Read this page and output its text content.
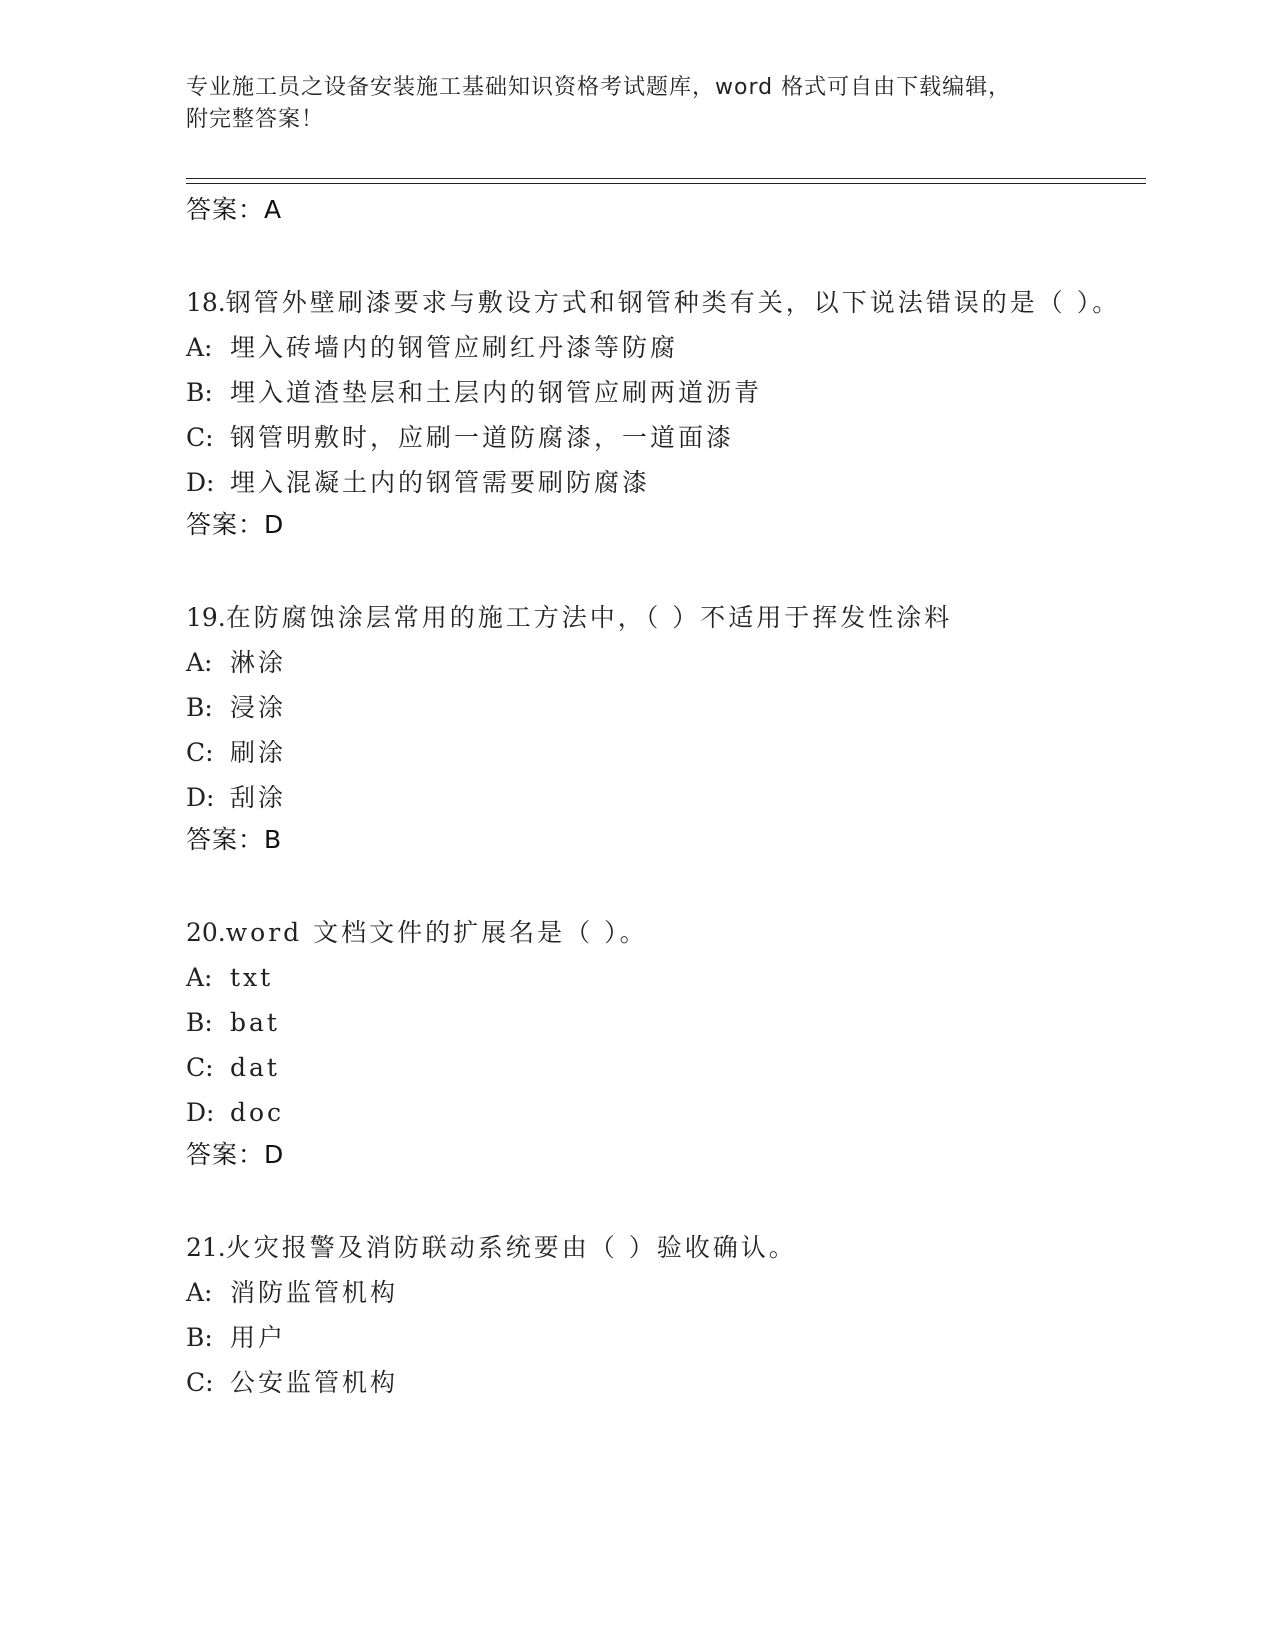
专业施工员之设备安装施工基础知识资格考试题库，word 格式可自由下载编辑，
附完整答案！

答案：A

18.钢管外壁刷漆要求与敷设方式和钢管种类有关，以下说法错误的是（ ）。

A: 埋入砖墙内的钢管应刷红丹漆等防腐
B: 埋入道渣垫层和土层内的钢管应刷两道沥青
C: 钢管明敷时，应刷一道防腐漆，一道面漆
D: 埋入混凝土内的钢管需要刷防腐漆

答案：D

19.在防腐蚀涂层常用的施工方法中，（ ）不适用于挥发性涂料

A: 淋涂
B: 浸涂
C: 刷涂
D: 刮涂

答案：B

20.word 文档文件的扩展名是（ ）。

A: txt
B: bat
C: dat
D: doc

答案：D

21.火灾报警及消防联动系统要由（ ）验收确认。

A: 消防监管机构
B: 用户
C: 公安监管机构
